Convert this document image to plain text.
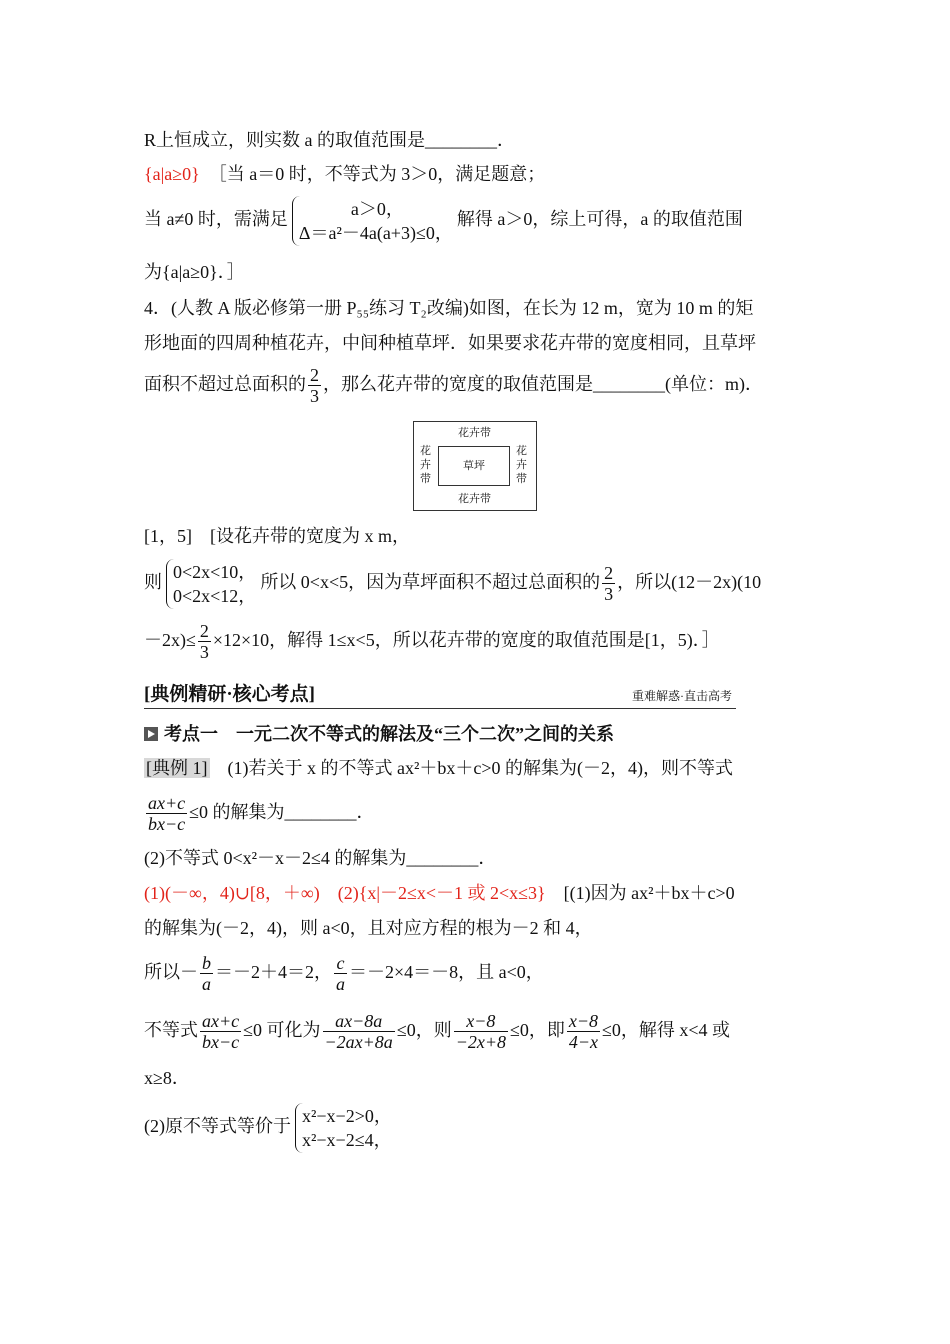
R上恒成立，则实数 a 的取值范围是________．
{a|a≥0}　 ［当 a＝0 时，不等式为 3＞0，满足题意；
当 a≠0 时，需满足
a＞0，
Δ＝a²－4a(a+3)≤0，
解得 a＞0，综上可得，a 的取值范围
为{a|a≥0}．］
4．(人教 A 版必修第一册 P₅₅练习 T₂改编)如图，在长为 12 m，宽为 10 m 的矩
形地面的四周种植花卉，中间种植草坪．如果要求花卉带的宽度相同，且草坪
面积不超过总面积的 $\frac{2}{3}$ ，那么花卉带的宽度的取值范围是________(单位：m)．
花卉带
花卉带
花卉带
花卉带
草坪
[1，5]　[设花卉带的宽度为 x m，
则
0<2x<10，
0<2x<12，
所以 0<x<5，因为草坪面积不超过总面积的 $\frac{2}{3}$ ，所以(12－2x)(10
$-2x)\le \frac{2}{3} \times 12\times 10$，解得 1≤x<5，所以花卉带的宽度的取值范围是[1，5)．］
[典例精研·核心考点]	重难解惑·直击高考
考点一　一元二次不等式的解法及“三个二次”之间的关系
[典例 1]　 (1)若关于 x 的不等式 ax²＋bx＋c>0 的解集为(－2，4)，则不等式
$\frac{ax+c}{bx-c} \le 0$ 的解集为________．
(2)不等式 0<x²－x－2≤4 的解集为________．
(1)(－∞，4)∪[8，＋∞)　(2){x|－2≤x<－1 或 2<x≤3}　[(1)因为 ax²＋bx＋c>0
的解集为(－2，4)，则 a<0，且对应方程的根为－2 和 4，
所以－ $\frac{b}{a} =-2+4=2$， $\frac{c}{a} =-2\times 4=-8$，且 a<0，
不等式 $\frac{ax+c}{bx-c} \le 0$ 可化为 $\frac{ax-8a}{-2ax+8a} \le 0$，则 $\frac{x-8}{-2x+8} \le 0$，即 $\frac{x-8}{4-x} \le 0$，解得 x<4 或
x≥8．
(2)原不等式等价于
x²−x−2>0，
x²−x−2≤4，
